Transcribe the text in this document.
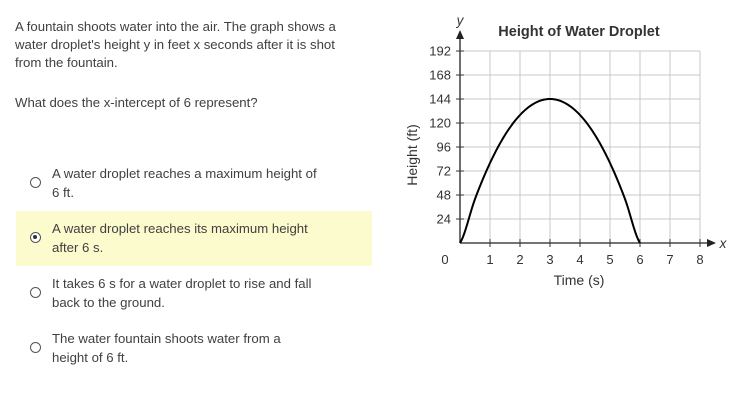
A fountain shoots water into the air. The graph shows a

water droplet's height y in feet x seconds after it is shot

from the fountain.

What does the x-intercept of 6 represent?
A water droplet reaches a maximum height of
6 ft.
A water droplet reaches its maximum height
after 6 s.
It takes 6 s for a water droplet to rise and fall
back to the ground.
The water fountain shoots water from a
height of 6 ft.
1 2 3 4 5 6 7 8
24
48
72
96
120
144
168
192
Height of Water Droplet
Time (s)
Height (ft)
y
x
0
